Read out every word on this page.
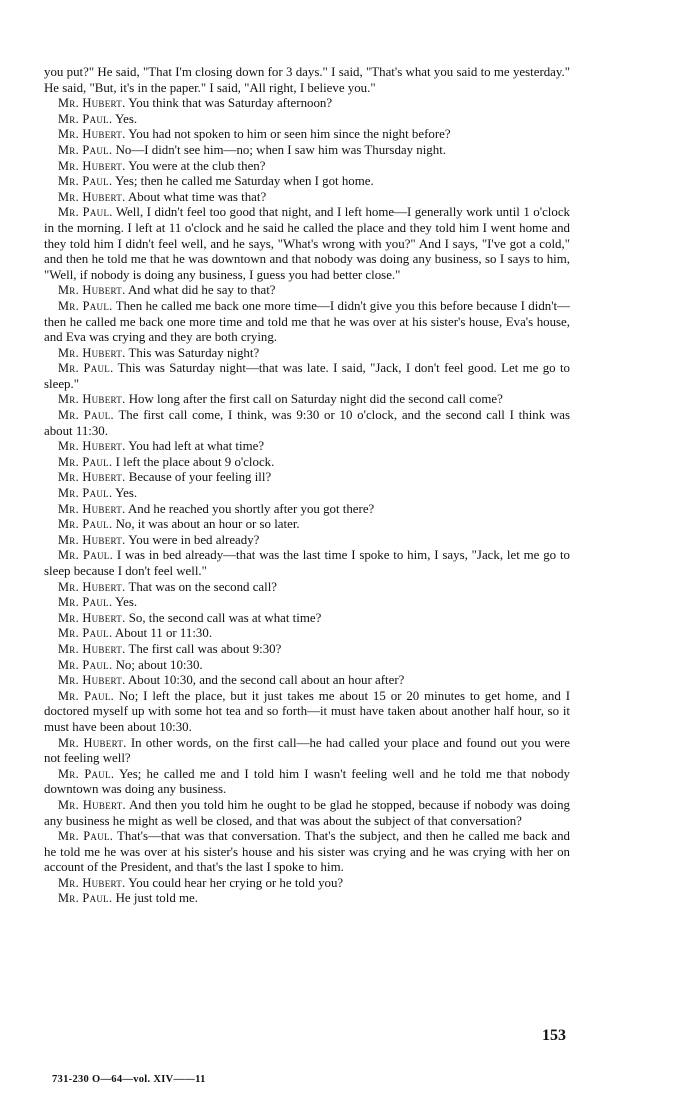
you put?" He said, "That I'm closing down for 3 days." I said, "That's what you said to me yesterday." He said, "But, it's in the paper." I said, "All right, I believe you."

Mr. Hubert. You think that was Saturday afternoon?

Mr. Paul. Yes.

Mr. Hubert. You had not spoken to him or seen him since the night before?

Mr. Paul. No—I didn't see him—no; when I saw him was Thursday night.

Mr. Hubert. You were at the club then?

Mr. Paul. Yes; then he called me Saturday when I got home.

Mr. Hubert. About what time was that?

Mr. Paul. Well, I didn't feel too good that night, and I left home—I generally work until 1 o'clock in the morning. I left at 11 o'clock and he said he called the place and they told him I went home and they told him I didn't feel well, and he says, "What's wrong with you?" And I says, "I've got a cold," and then he told me that he was downtown and that nobody was doing any business, so I says to him, "Well, if nobody is doing any business, I guess you had better close."

Mr. Hubert. And what did he say to that?

Mr. Paul. Then he called me back one more time—I didn't give you this before because I didn't—then he called me back one more time and told me that he was over at his sister's house, Eva's house, and Eva was crying and they are both crying.

Mr. Hubert. This was Saturday night?

Mr. Paul. This was Saturday night—that was late. I said, "Jack, I don't feel good. Let me go to sleep."

Mr. Hubert. How long after the first call on Saturday night did the second call come?

Mr. Paul. The first call come, I think, was 9:30 or 10 o'clock, and the second call I think was about 11:30.

Mr. Hubert. You had left at what time?

Mr. Paul. I left the place about 9 o'clock.

Mr. Hubert. Because of your feeling ill?

Mr. Paul. Yes.

Mr. Hubert. And he reached you shortly after you got there?

Mr. Paul. No, it was about an hour or so later.

Mr. Hubert. You were in bed already?

Mr. Paul. I was in bed already—that was the last time I spoke to him, I says, "Jack, let me go to sleep because I don't feel well."

Mr. Hubert. That was on the second call?

Mr. Paul. Yes.

Mr. Hubert. So, the second call was at what time?

Mr. Paul. About 11 or 11:30.

Mr. Hubert. The first call was about 9:30?

Mr. Paul. No; about 10:30.

Mr. Hubert. About 10:30, and the second call about an hour after?

Mr. Paul. No; I left the place, but it just takes me about 15 or 20 minutes to get home, and I doctored myself up with some hot tea and so forth—it must have taken about another half hour, so it must have been about 10:30.

Mr. Hubert. In other words, on the first call—he had called your place and found out you were not feeling well?

Mr. Paul. Yes; he called me and I told him I wasn't feeling well and he told me that nobody downtown was doing any business.

Mr. Hubert. And then you told him he ought to be glad he stopped, because if nobody was doing any business he might as well be closed, and that was about the subject of that conversation?

Mr. Paul. That's—that was that conversation. That's the subject, and then he called me back and he told me he was over at his sister's house and his sister was crying and he was crying with her on account of the President, and that's the last I spoke to him.

Mr. Hubert. You could hear her crying or he told you?

Mr. Paul. He just told me.

153
731-230 O—64—vol. XIV——11
